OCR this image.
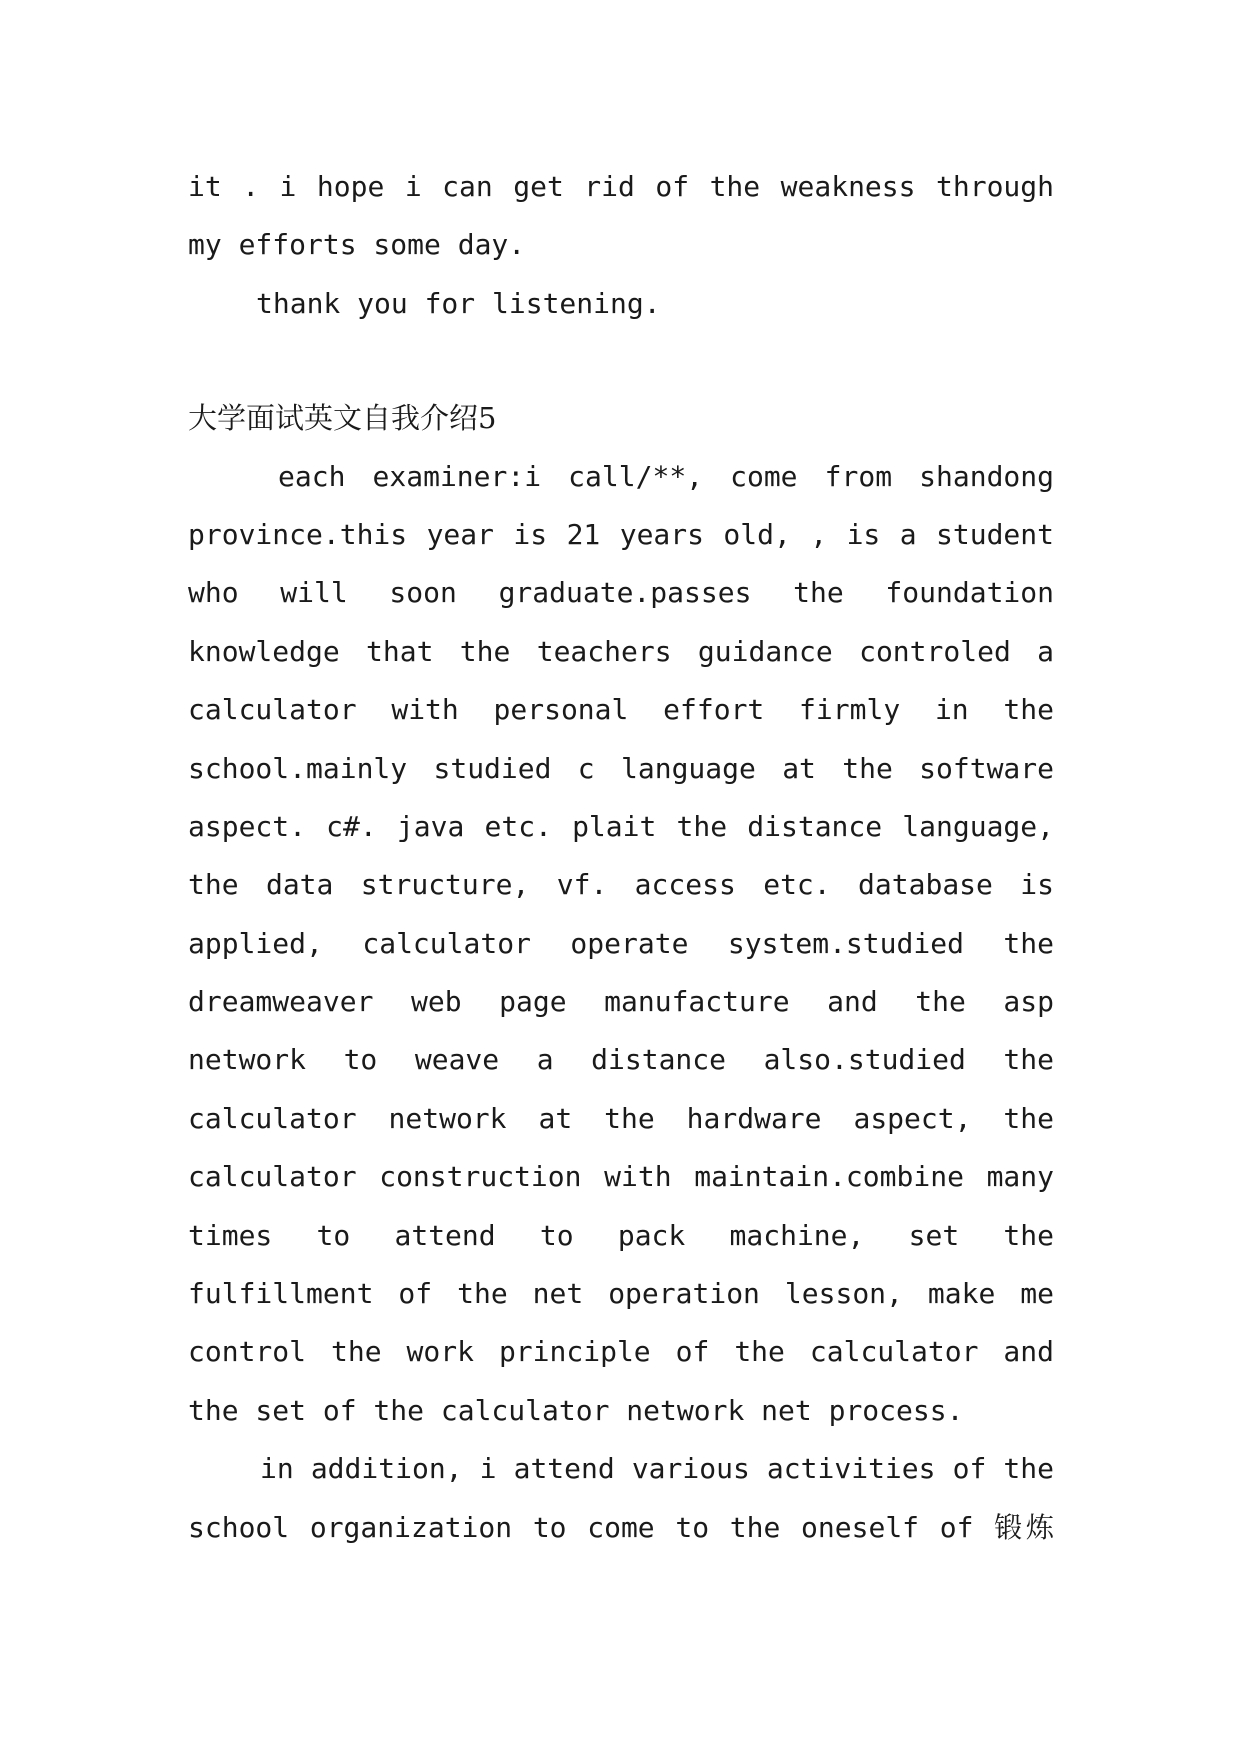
it . i hope i can get rid of the weakness through
my efforts some day.
thank you for listening.
大学面试英文自我介绍5
each examiner:i call/**, come from shandong
province.this year is 21 years old, , is a student
who will soon graduate.passes the foundation
knowledge that the teachers guidance controled a
calculator with personal effort firmly in the
school.mainly studied c language at the software
aspect. c#. java etc. plait the distance language,
the data structure, vf. access etc. database is
applied, calculator operate system.studied the
dreamweaver web page manufacture and the asp
network to weave a distance also.studied the
calculator network at the hardware aspect, the
calculator construction with maintain.combine many
times to attend to pack machine, set the
fulfillment of the net operation lesson, make me
control the work principle of the calculator and
the set of the calculator network net process.
in addition, i attend various activities of the
school organization to come to the oneself of 锻炼
